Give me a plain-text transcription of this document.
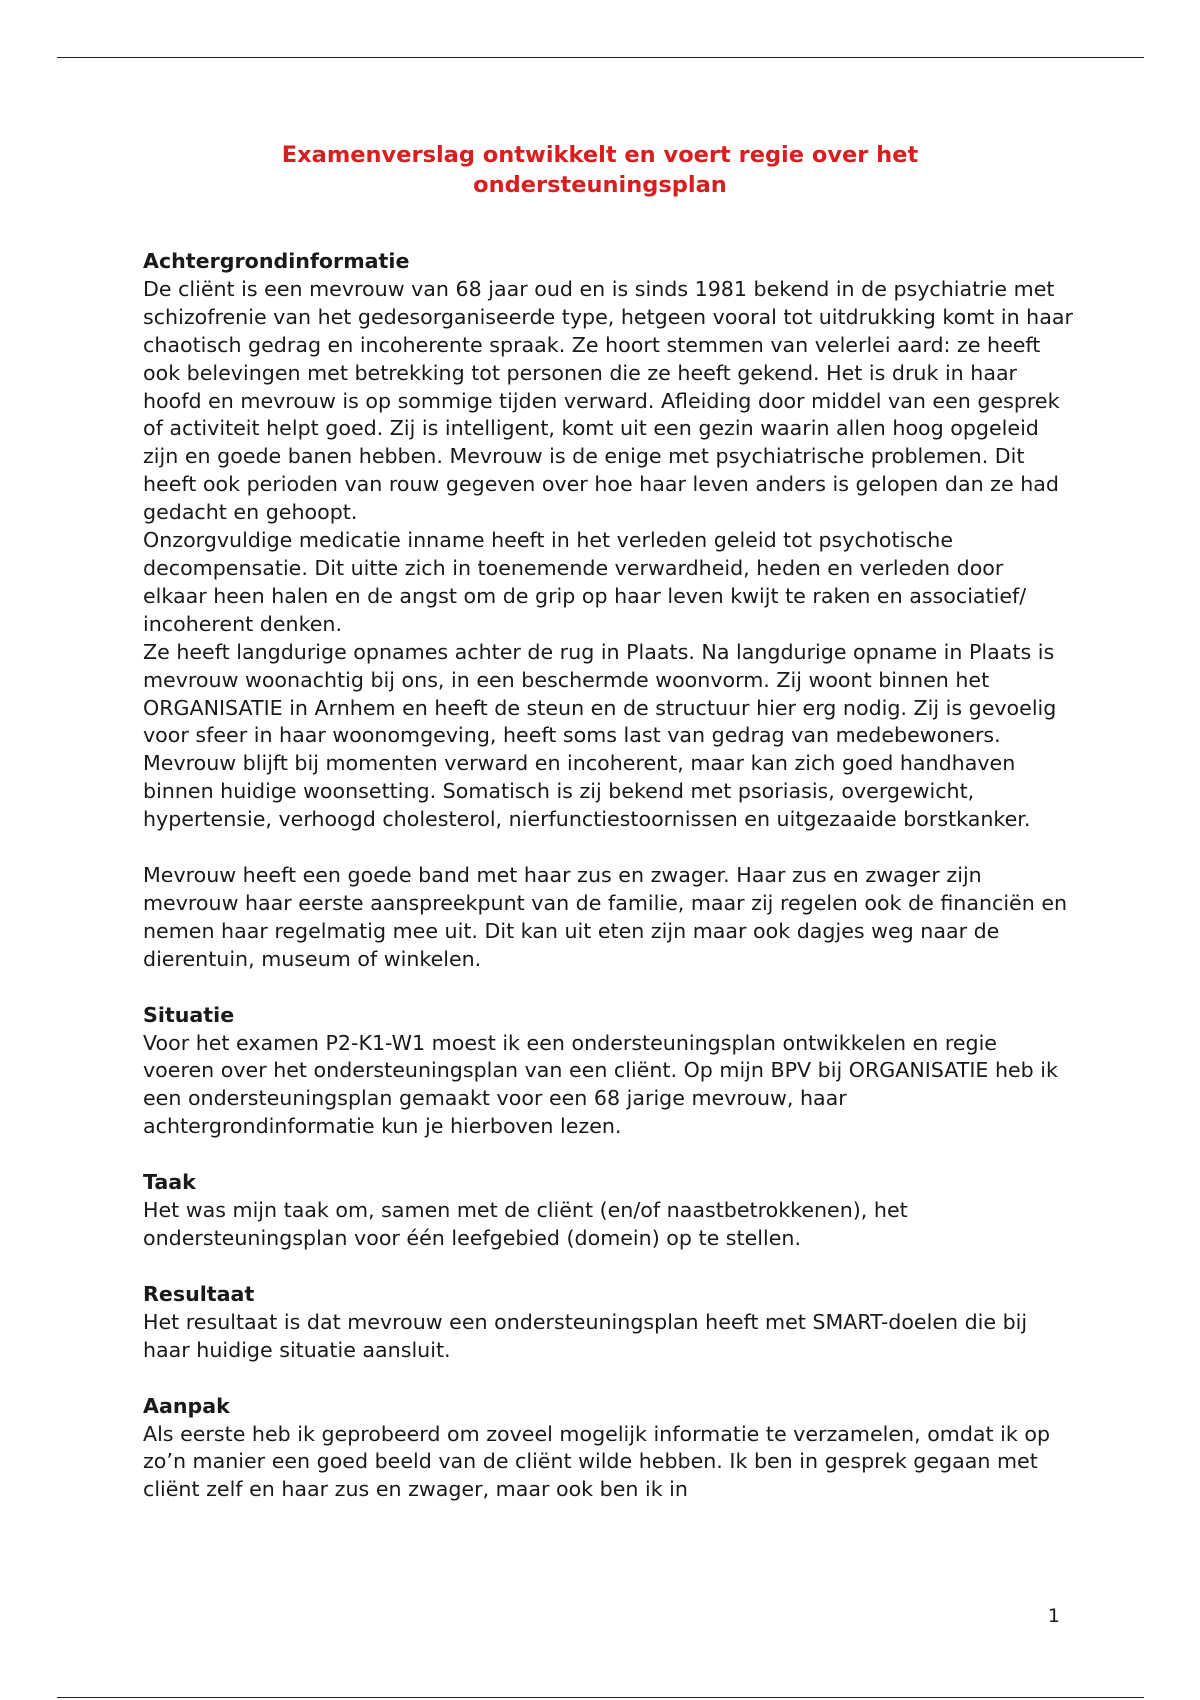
Examenverslag ontwikkelt en voert regie over het ondersteuningsplan
Achtergrondinformatie

De cliënt is een mevrouw van 68 jaar oud en is sinds 1981 bekend in de psychiatrie met schizofrenie van het gedesorganiseerde type, hetgeen vooral tot uitdrukking komt in haar chaotisch gedrag en incoherente spraak. Ze hoort stemmen van velerlei aard: ze heeft ook belevingen met betrekking tot personen die ze heeft gekend. Het is druk in haar hoofd en mevrouw is op sommige tijden verward. Afleiding door middel van een gesprek of activiteit helpt goed. Zij is intelligent, komt uit een gezin waarin allen hoog opgeleid zijn en goede banen hebben. Mevrouw is de enige met psychiatrische problemen. Dit heeft ook perioden van rouw gegeven over hoe haar leven anders is gelopen dan ze had gedacht en gehoopt.

Onzorgvuldige medicatie inname heeft in het verleden geleid tot psychotische decompensatie. Dit uitte zich in toenemende verwardheid, heden en verleden door elkaar heen halen en de angst om de grip op haar leven kwijt te raken en associatief/ incoherent denken.

Ze heeft langdurige opnames achter de rug in Plaats. Na langdurige opname in Plaats is mevrouw woonachtig bij ons, in een beschermde woonvorm. Zij woont binnen het ORGANISATIE in Arnhem en heeft de steun en de structuur hier erg nodig. Zij is gevoelig voor sfeer in haar woonomgeving, heeft soms last van gedrag van medebewoners. Mevrouw blijft bij momenten verward en incoherent, maar kan zich goed handhaven binnen huidige woonsetting. Somatisch is zij bekend met psoriasis, overgewicht, hypertensie, verhoogd cholesterol, nierfunctiestoornissen en uitgezaaide borstkanker.

Mevrouw heeft een goede band met haar zus en zwager. Haar zus en zwager zijn mevrouw haar eerste aanspreekpunt van de familie, maar zij regelen ook de financiën en nemen haar regelmatig mee uit. Dit kan uit eten zijn maar ook dagjes weg naar de dierentuin, museum of winkelen.

Situatie

Voor het examen P2-K1-W1 moest ik een ondersteuningsplan ontwikkelen en regie voeren over het ondersteuningsplan van een cliënt. Op mijn BPV bij ORGANISATIE heb ik een ondersteuningsplan gemaakt voor een 68 jarige mevrouw, haar achtergrondinformatie kun je hierboven lezen.

Taak

Het was mijn taak om, samen met de cliënt (en/of naastbetrokkenen), het ondersteuningsplan voor één leefgebied (domein) op te stellen.

Resultaat

Het resultaat is dat mevrouw een ondersteuningsplan heeft met SMART-doelen die bij haar huidige situatie aansluit.

Aanpak

Als eerste heb ik geprobeerd om zoveel mogelijk informatie te verzamelen, omdat ik op zo’n manier een goed beeld van de cliënt wilde hebben. Ik ben in gesprek gegaan met cliënt zelf en haar zus en zwager, maar ook ben ik in

1
